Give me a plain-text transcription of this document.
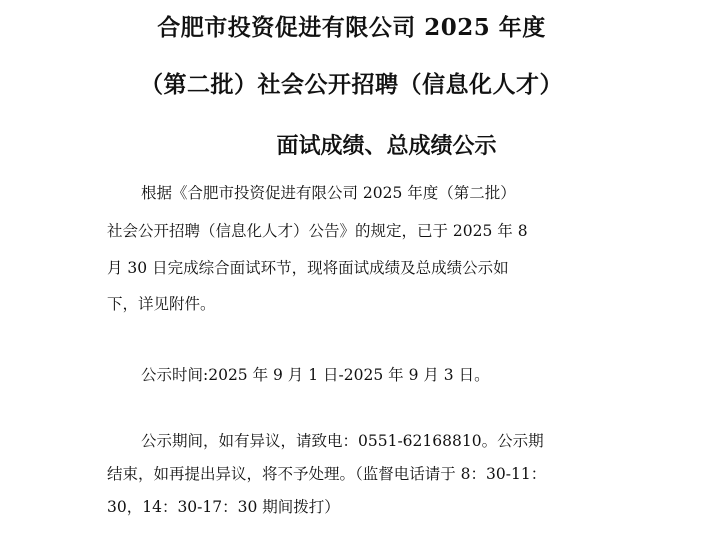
合肥市投资促进有限公司 2025 年度
（第二批）社会公开招聘（信息化人才）
面试成绩、总成绩公示
根据《合肥市投资促进有限公司 2025 年度（第二批）
社会公开招聘（信息化人才）公告》的规定，已于 2025 年 8
月 30 日完成综合面试环节，现将面试成绩及总成绩公示如
下，详见附件。
公示时间:2025 年 9 月 1 日-2025 年 9 月 3 日。
公示期间，如有异议，请致电：0551-62168810。公示期
结束，如再提出异议，将不予处理。（监督电话请于 8：30-11：
30，14：30-17：30 期间拨打）
